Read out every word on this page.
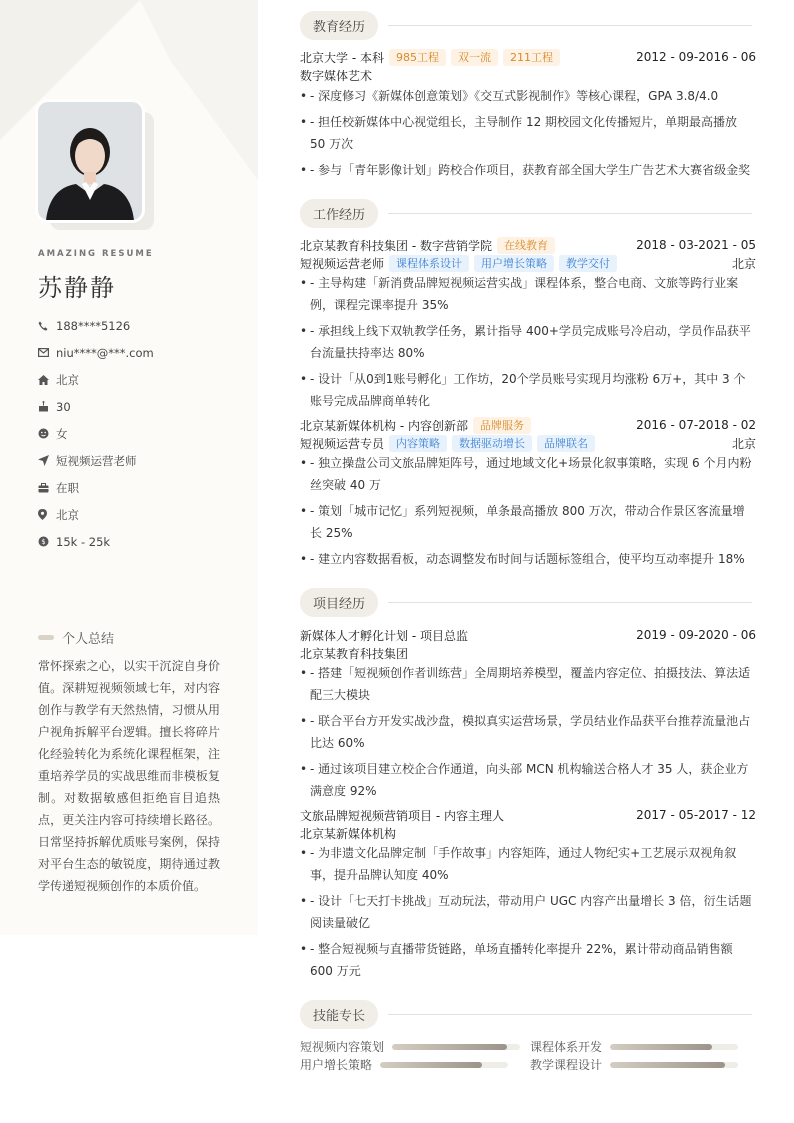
AMAZING RESUME
苏静静
188****5126
niu****@***.com
北京
30
女
短视频运营老师
在职
北京
$ 15k - 25k
个人总结
常怀探索之心，以实干沉淀自身价值。深耕短视频领域七年，对内容创作与教学有天然热情，习惯从用户视角拆解平台逻辑。擅长将碎片化经验转化为系统化课程框架，注重培养学员的实战思维而非模板复制。对数据敏感但拒绝盲目追热点，更关注内容可持续增长路径。日常坚持拆解优质账号案例，保持对平台生态的敏锐度，期待通过教学传递短视频创作的本质价值。
教育经历
北京大学 - 本科	985工程	双一流	211工程	2012 - 09-2016 - 06
数字媒体艺术
• - 深度修习《新媒体创意策划》《交互式影视制作》等核心课程，GPA 3.8/4.0
• - 担任校新媒体中心视觉组长，主导制作 12 期校园文化传播短片，单期最高播放 50 万次
• - 参与「青年影像计划」跨校合作项目，获教育部全国大学生广告艺术大赛省级金奖
工作经历
北京某教育科技集团 - 数字营销学院	在线教育	2018 - 03-2021 - 05
短视频运营老师	课程体系设计	用户增长策略	教学交付	北京
• - 主导构建「新消费品牌短视频运营实战」课程体系，整合电商、文旅等跨行业案例，课程完课率提升 35%
• - 承担线上线下双轨教学任务，累计指导 400+学员完成账号冷启动，学员作品获平台流量扶持率达 80%
• - 设计「从0到1账号孵化」工作坊，20个学员账号实现月均涨粉 6万+，其中 3 个账号完成品牌商单转化
北京某新媒体机构 - 内容创新部	品牌服务	2016 - 07-2018 - 02
短视频运营专员	内容策略	数据驱动增长	品牌联名	北京
• - 独立操盘公司文旅品牌矩阵号，通过地域文化+场景化叙事策略，实现 6 个月内粉丝突破 40 万
• - 策划「城市记忆」系列短视频，单条最高播放 800 万次，带动合作景区客流量增长 25%
• - 建立内容数据看板，动态调整发布时间与话题标签组合，使平均互动率提升 18%
项目经历
新媒体人才孵化计划 - 项目总监	2019 - 09-2020 - 06
北京某教育科技集团
• - 搭建「短视频创作者训练营」全周期培养模型，覆盖内容定位、拍摄技法、算法适配三大模块
• - 联合平台方开发实战沙盘，模拟真实运营场景，学员结业作品获平台推荐流量池占比达 60%
• - 通过该项目建立校企合作通道，向头部 MCN 机构输送合格人才 35 人，获企业方满意度 92%
文旅品牌短视频营销项目 - 内容主理人	2017 - 05-2017 - 12
北京某新媒体机构
• - 为非遗文化品牌定制「手作故事」内容矩阵，通过人物纪实+工艺展示双视角叙事，提升品牌认知度 40%
• - 设计「七天打卡挑战」互动玩法，带动用户 UGC 内容产出量增长 3 倍，衍生话题阅读量破亿
• - 整合短视频与直播带货链路，单场直播转化率提升 22%，累计带动商品销售额 600 万元
技能专长
短视频内容策划	课程体系开发
用户增长策略	教学课程设计
